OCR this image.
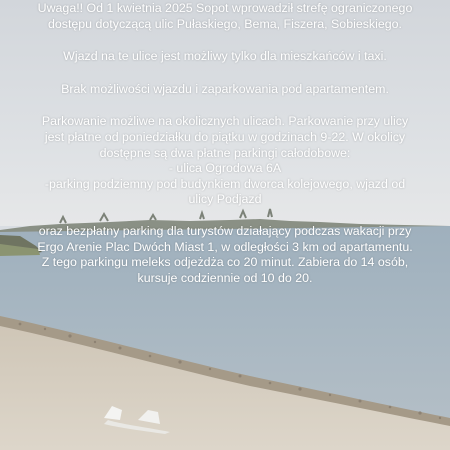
Uwaga!! Od 1 kwietnia 2025 Sopot wprowadził strefę ograniczonego

dostępu dotyczącą ulic Pułaskiego, Bema, Fiszera, Sobieskiego.

Wjazd na te ulice jest możliwy tylko dla mieszkańców i taxi.

Brak możliwości wjazdu i zaparkowania pod apartamentem.

Parkowanie możliwe na okolicznych ulicach. Parkowanie przy ulicy

jest płatne od poniedziałku do piątku w godzinach 9-22. W okolicy

dostępne są dwa płatne parkingi całodobowe:

- ulica Ogrodowa 6A

-parking podziemny pod budynkiem dworca kolejowego, wjazd od

ulicy Podjazd

oraz bezpłatny parking dla turystów działający podczas wakacji przy

Ergo Arenie Plac Dwóch Miast 1, w odległości 3 km od apartamentu.

Z tego parkingu meleks odjeżdża co 20 minut. Zabiera do 14 osób,

kursuje codziennie od 10 do 20.
